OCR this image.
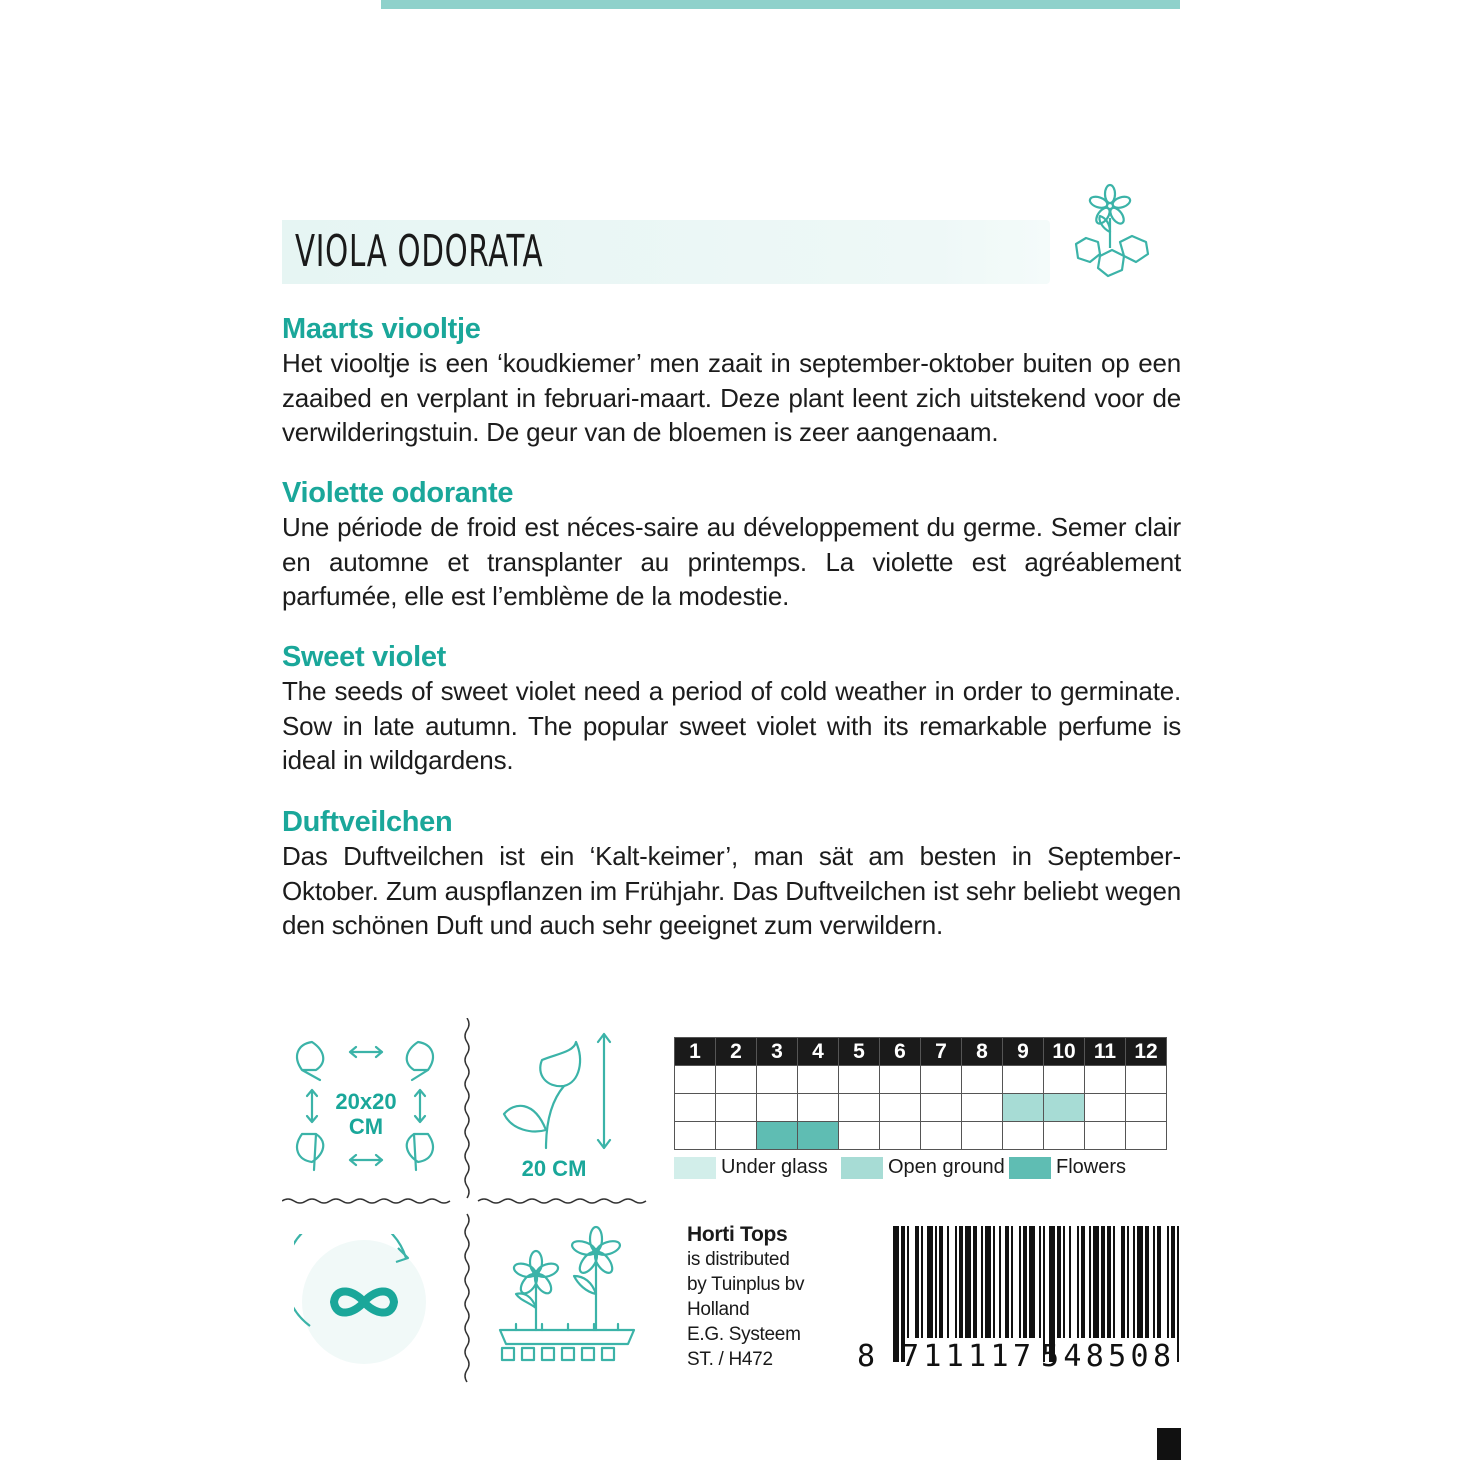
VIOLA ODORATA
Maarts viooltje

Het viooltje is een ‘koudkiemer’ men zaait in september-oktober buiten op een zaaibed en verplant in februari-maart. Deze plant leent zich uitstekend voor de verwilderingstuin. De geur van de bloemen is zeer aangenaam.

Violette odorante

Une période de froid est néces-saire au développement du germe. Semer clair en automne et transplanter au printemps. La violette est agréablement parfumée, elle est l’emblème de la modestie.

Sweet violet

The seeds of sweet violet need a period of cold weather in order to germinate. Sow in late autumn. The popular sweet violet with its remarkable perfume is ideal in wildgardens.

Duftveilchen

Das Duftveilchen ist ein ‘Kalt-keimer’, man sät am besten in September-Oktober. Zum auspflanzen im Frühjahr. Das Duftveilchen ist sehr beliebt wegen den schönen Duft und auch sehr geeignet zum verwildern.

20x20
CM
20 CM
1	2	3	4	5	6	7	8	9	10	11	12

Under glass	Open ground	Flowers
Horti Tops
is distributed
by Tuinplus bv
Holland
E.G. Systeem
ST. / H472	8 711117 548508
